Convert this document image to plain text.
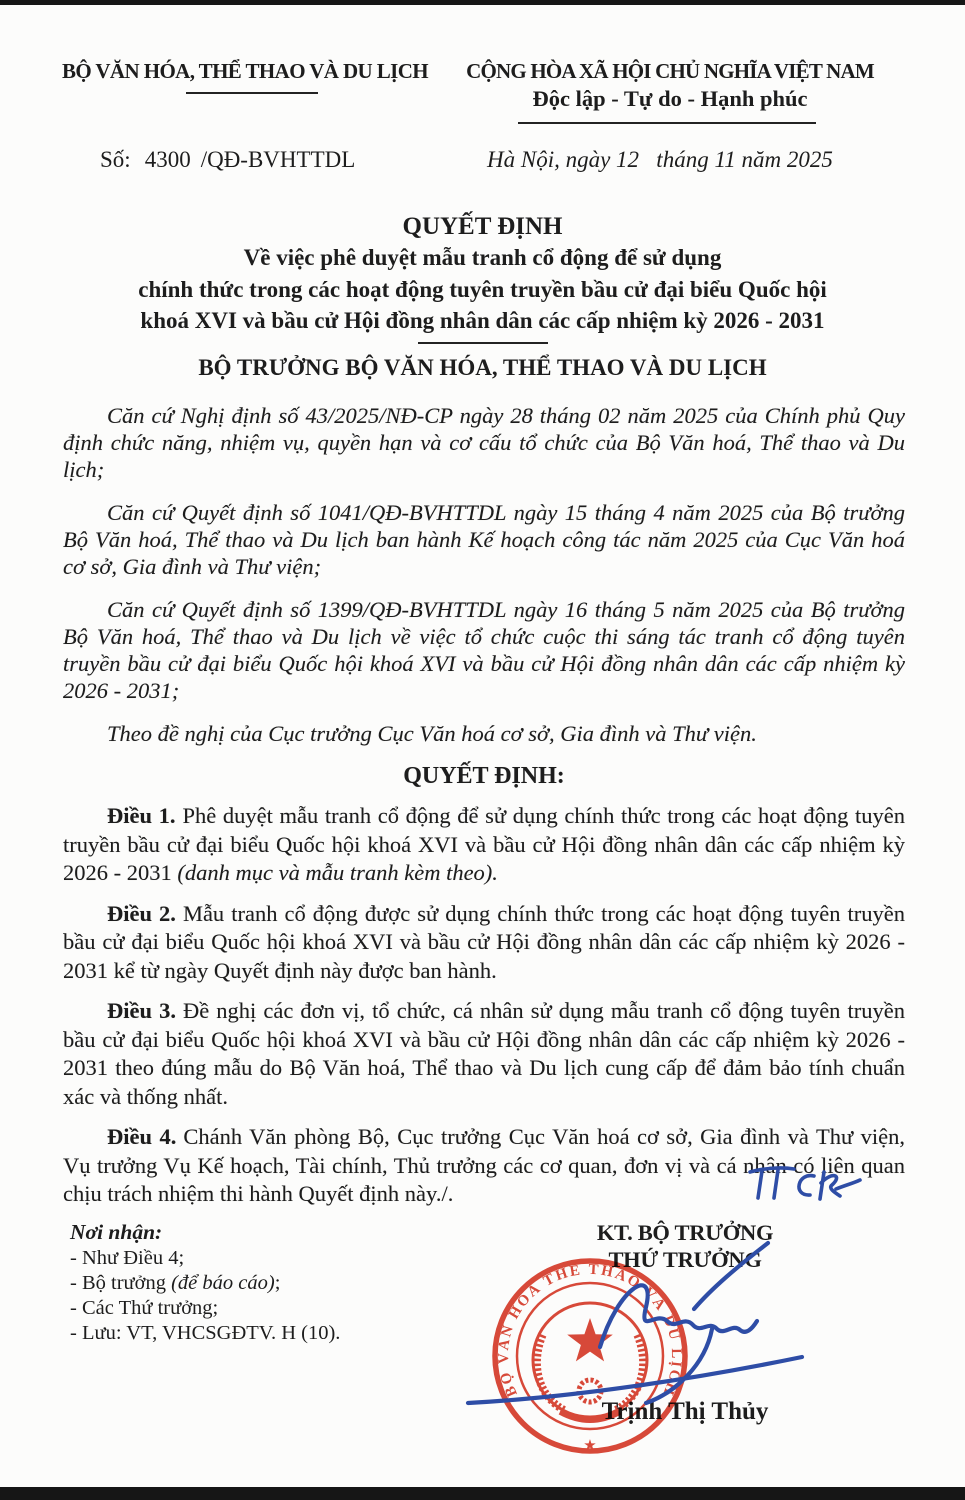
BỘ VĂN HÓA, THỂ THAO VÀ DU LỊCH	CỘNG HÒA XÃ HỘI CHỦ NGHĨA VIỆT NAM
Độc lập - Tự do - Hạnh phúc
Số: 4300 /QĐ-BVHTTDL	Hà Nội, ngày 12   tháng 11 năm 2025
QUYẾT ĐỊNH
Về việc phê duyệt mẫu tranh cổ động để sử dụng
chính thức trong các hoạt động tuyên truyền bầu cử đại biểu Quốc hội
khoá XVI và bầu cử Hội đồng nhân dân các cấp nhiệm kỳ 2026 - 2031
BỘ TRƯỞNG BỘ VĂN HÓA, THỂ THAO VÀ DU LỊCH

Căn cứ Nghị định số 43/2025/NĐ-CP ngày 28 tháng 02 năm 2025 của Chính phủ Quy định chức năng, nhiệm vụ, quyền hạn và cơ cấu tổ chức của Bộ Văn hoá, Thể thao và Du lịch;

Căn cứ Quyết định số 1041/QĐ-BVHTTDL ngày 15 tháng 4 năm 2025 của Bộ trưởng Bộ Văn hoá, Thể thao và Du lịch ban hành Kế hoạch công tác năm 2025 của Cục Văn hoá cơ sở, Gia đình và Thư viện;

Căn cứ Quyết định số 1399/QĐ-BVHTTDL ngày 16 tháng 5 năm 2025 của Bộ trưởng Bộ Văn hoá, Thể thao và Du lịch về việc tổ chức cuộc thi sáng tác tranh cổ động tuyên truyền bầu cử đại biểu Quốc hội khoá XVI và bầu cử Hội đồng nhân dân các cấp nhiệm kỳ 2026 - 2031;

Theo đề nghị của Cục trưởng Cục Văn hoá cơ sở, Gia đình và Thư viện.

QUYẾT ĐỊNH:

Điều 1. Phê duyệt mẫu tranh cổ động để sử dụng chính thức trong các hoạt động tuyên truyền bầu cử đại biểu Quốc hội khoá XVI và bầu cử Hội đồng nhân dân các cấp nhiệm kỳ 2026 - 2031 (danh mục và mẫu tranh kèm theo).

Điều 2. Mẫu tranh cổ động được sử dụng chính thức trong các hoạt động tuyên truyền bầu cử đại biểu Quốc hội khoá XVI và bầu cử Hội đồng nhân dân các cấp nhiệm kỳ 2026 - 2031 kể từ ngày Quyết định này được ban hành.

Điều 3. Đề nghị các đơn vị, tổ chức, cá nhân sử dụng mẫu tranh cổ động tuyên truyền bầu cử đại biểu Quốc hội khoá XVI và bầu cử Hội đồng nhân dân các cấp nhiệm kỳ 2026 - 2031 theo đúng mẫu do Bộ Văn hoá, Thể thao và Du lịch cung cấp để đảm bảo tính chuẩn xác và thống nhất.

Điều 4. Chánh Văn phòng Bộ, Cục trưởng Cục Văn hoá cơ sở, Gia đình và Thư viện, Vụ trưởng Vụ Kế hoạch, Tài chính, Thủ trưởng các cơ quan, đơn vị và cá nhân có liên quan chịu trách nhiệm thi hành Quyết định này./.

Nơi nhận:
- Như Điều 4;
- Bộ trưởng (để báo cáo);
- Các Thứ trưởng;
- Lưu: VT, VHCSGĐTV. H (10).
KT. BỘ TRƯỞNG
THỨ TRƯỞNG
Trịnh Thị Thủy
BỘ VĂN HÓA THỂ THAO VÀ DU LỊCH
★
